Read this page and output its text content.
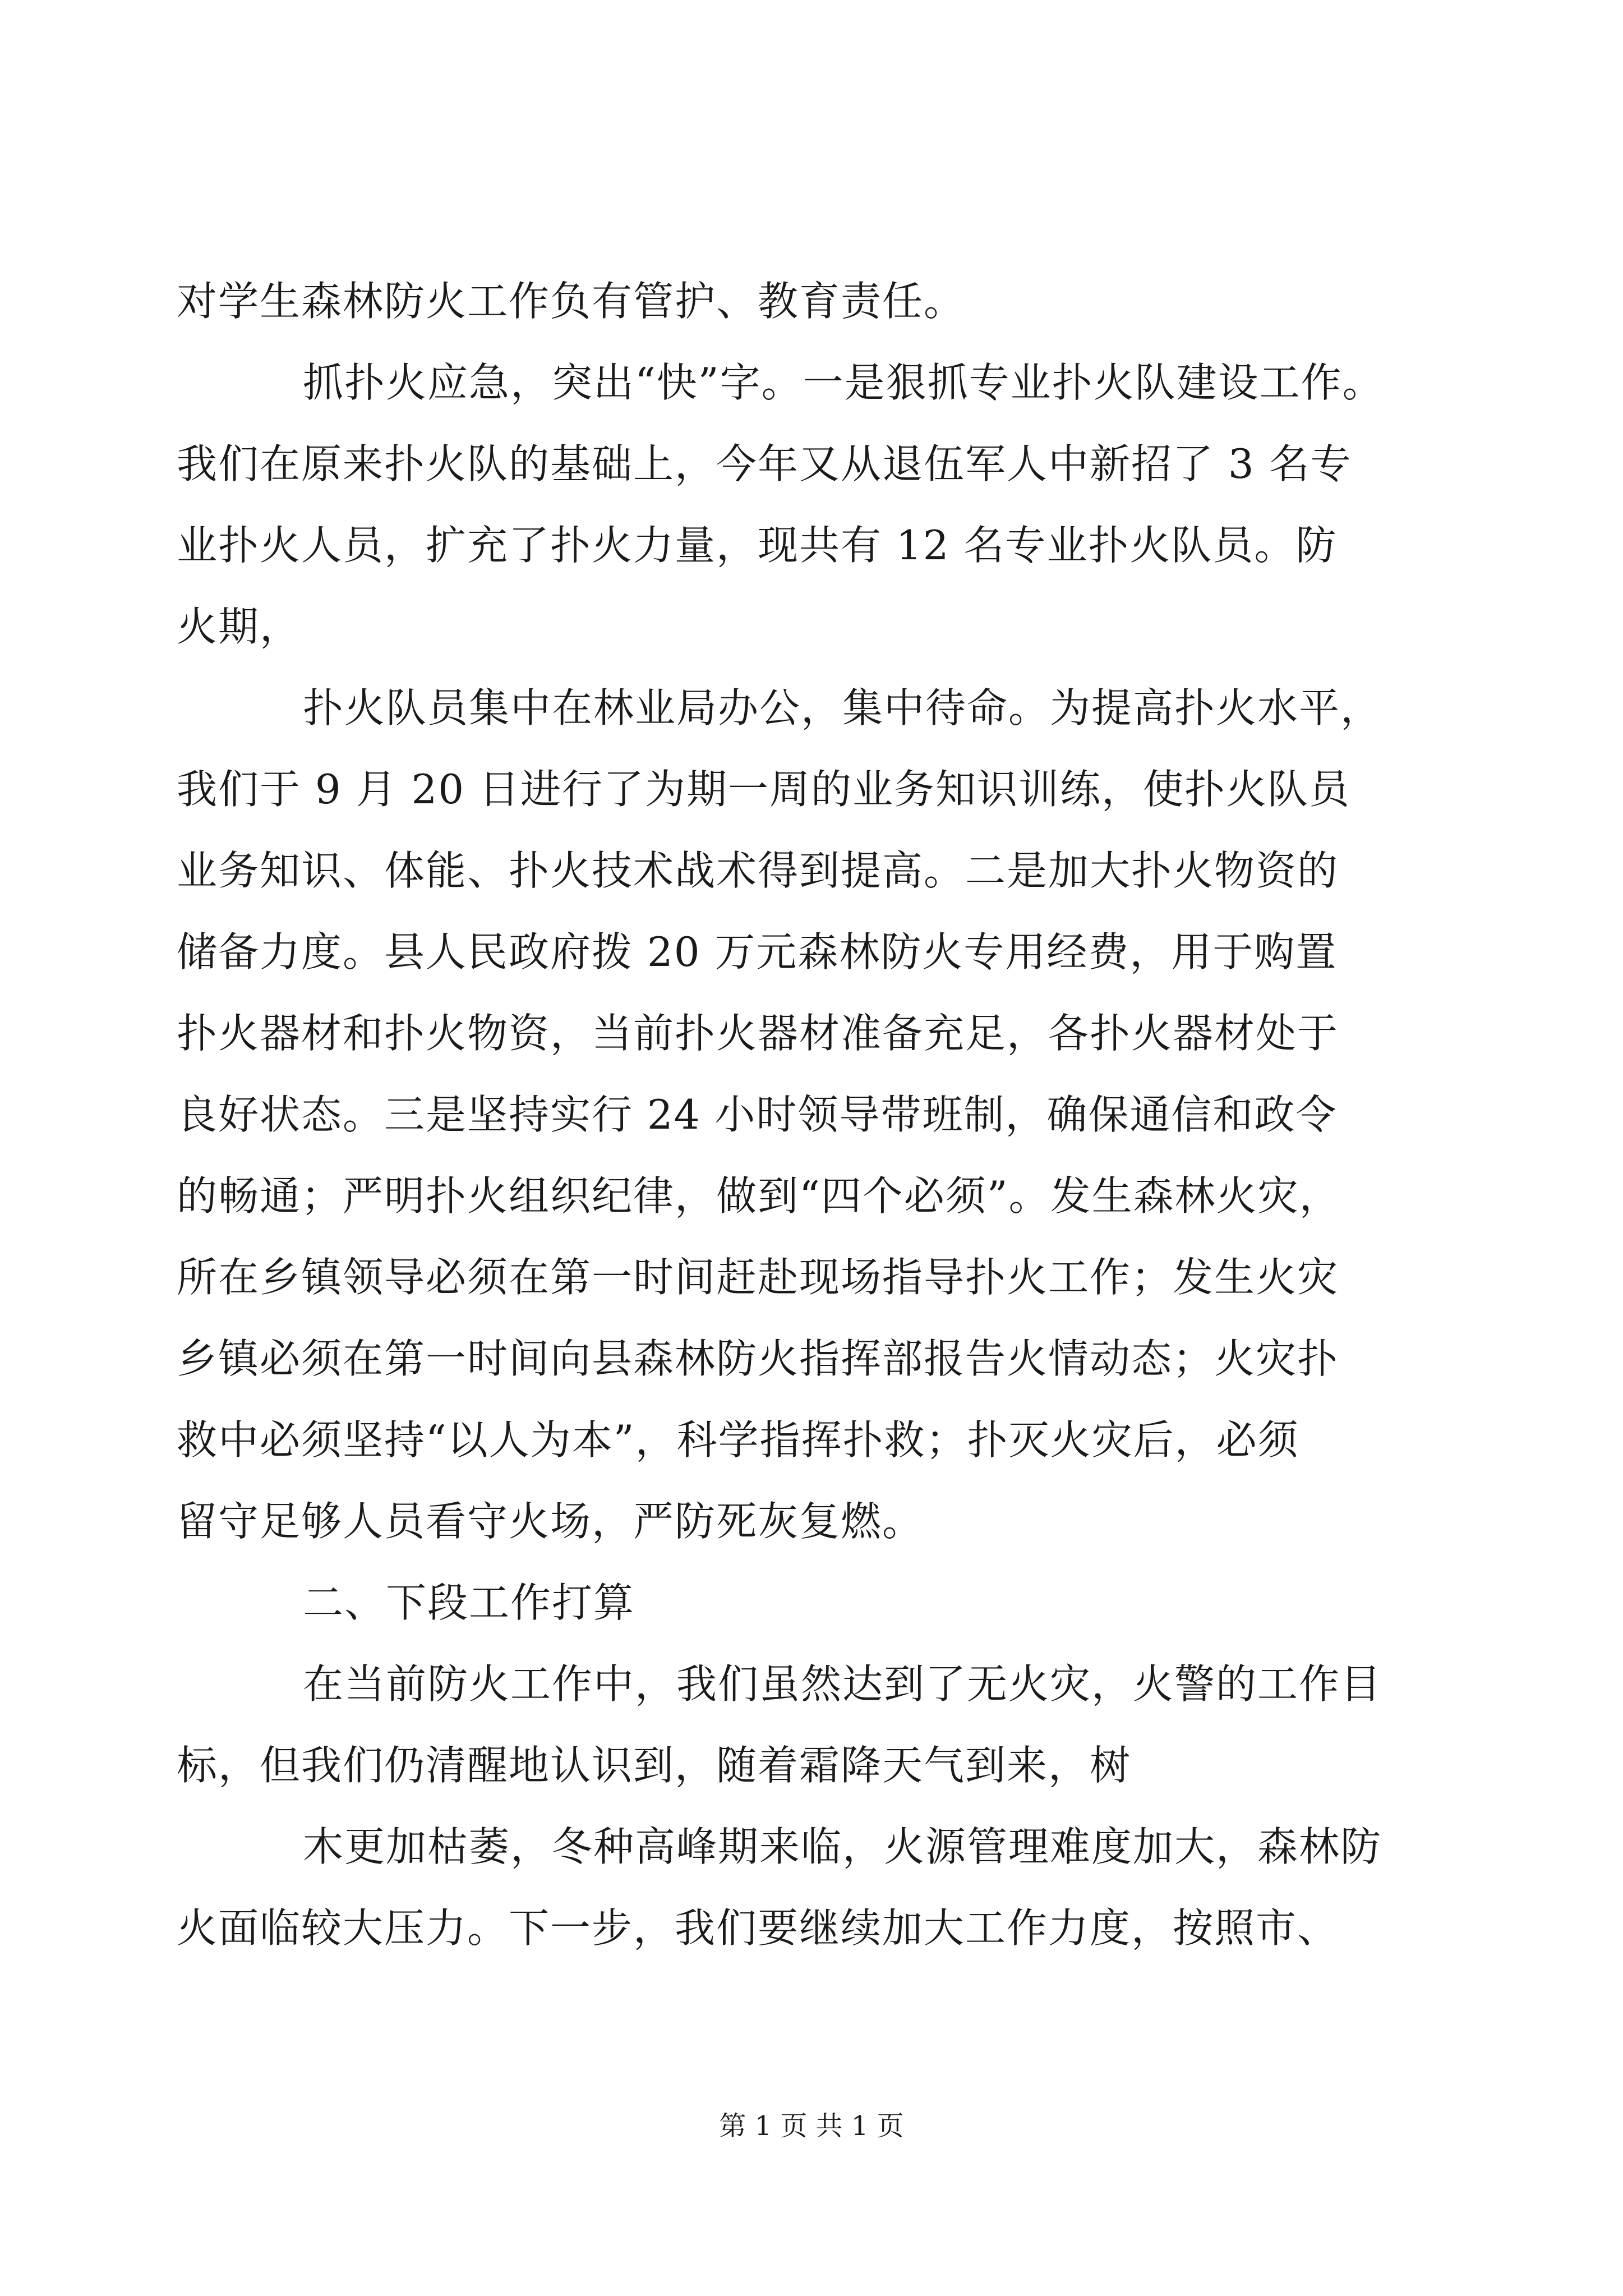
对学生森林防火工作负有管护、教育责任。
抓扑火应急，突出“快”字。一是狠抓专业扑火队建设工作。
我们在原来扑火队的基础上，今年又从退伍军人中新招了 3 名专
业扑火人员，扩充了扑火力量，现共有 12 名专业扑火队员。防
火期，
扑火队员集中在林业局办公，集中待命。为提高扑火水平，
我们于 9 月 20 日进行了为期一周的业务知识训练，使扑火队员
业务知识、体能、扑火技术战术得到提高。二是加大扑火物资的
储备力度。县人民政府拨 20 万元森林防火专用经费，用于购置
扑火器材和扑火物资，当前扑火器材准备充足，各扑火器材处于
良好状态。三是坚持实行 24 小时领导带班制，确保通信和政令
的畅通；严明扑火组织纪律，做到“四个必须”。发生森林火灾，
所在乡镇领导必须在第一时间赶赴现场指导扑火工作；发生火灾
乡镇必须在第一时间向县森林防火指挥部报告火情动态；火灾扑
救中必须坚持“以人为本”，科学指挥扑救；扑灭火灾后，必须
留守足够人员看守火场，严防死灰复燃。
二、下段工作打算
在当前防火工作中，我们虽然达到了无火灾，火警的工作目
标，但我们仍清醒地认识到，随着霜降天气到来，树
木更加枯萎，冬种高峰期来临，火源管理难度加大，森林防
火面临较大压力。下一步，我们要继续加大工作力度，按照市、
第 1 页 共 1 页
